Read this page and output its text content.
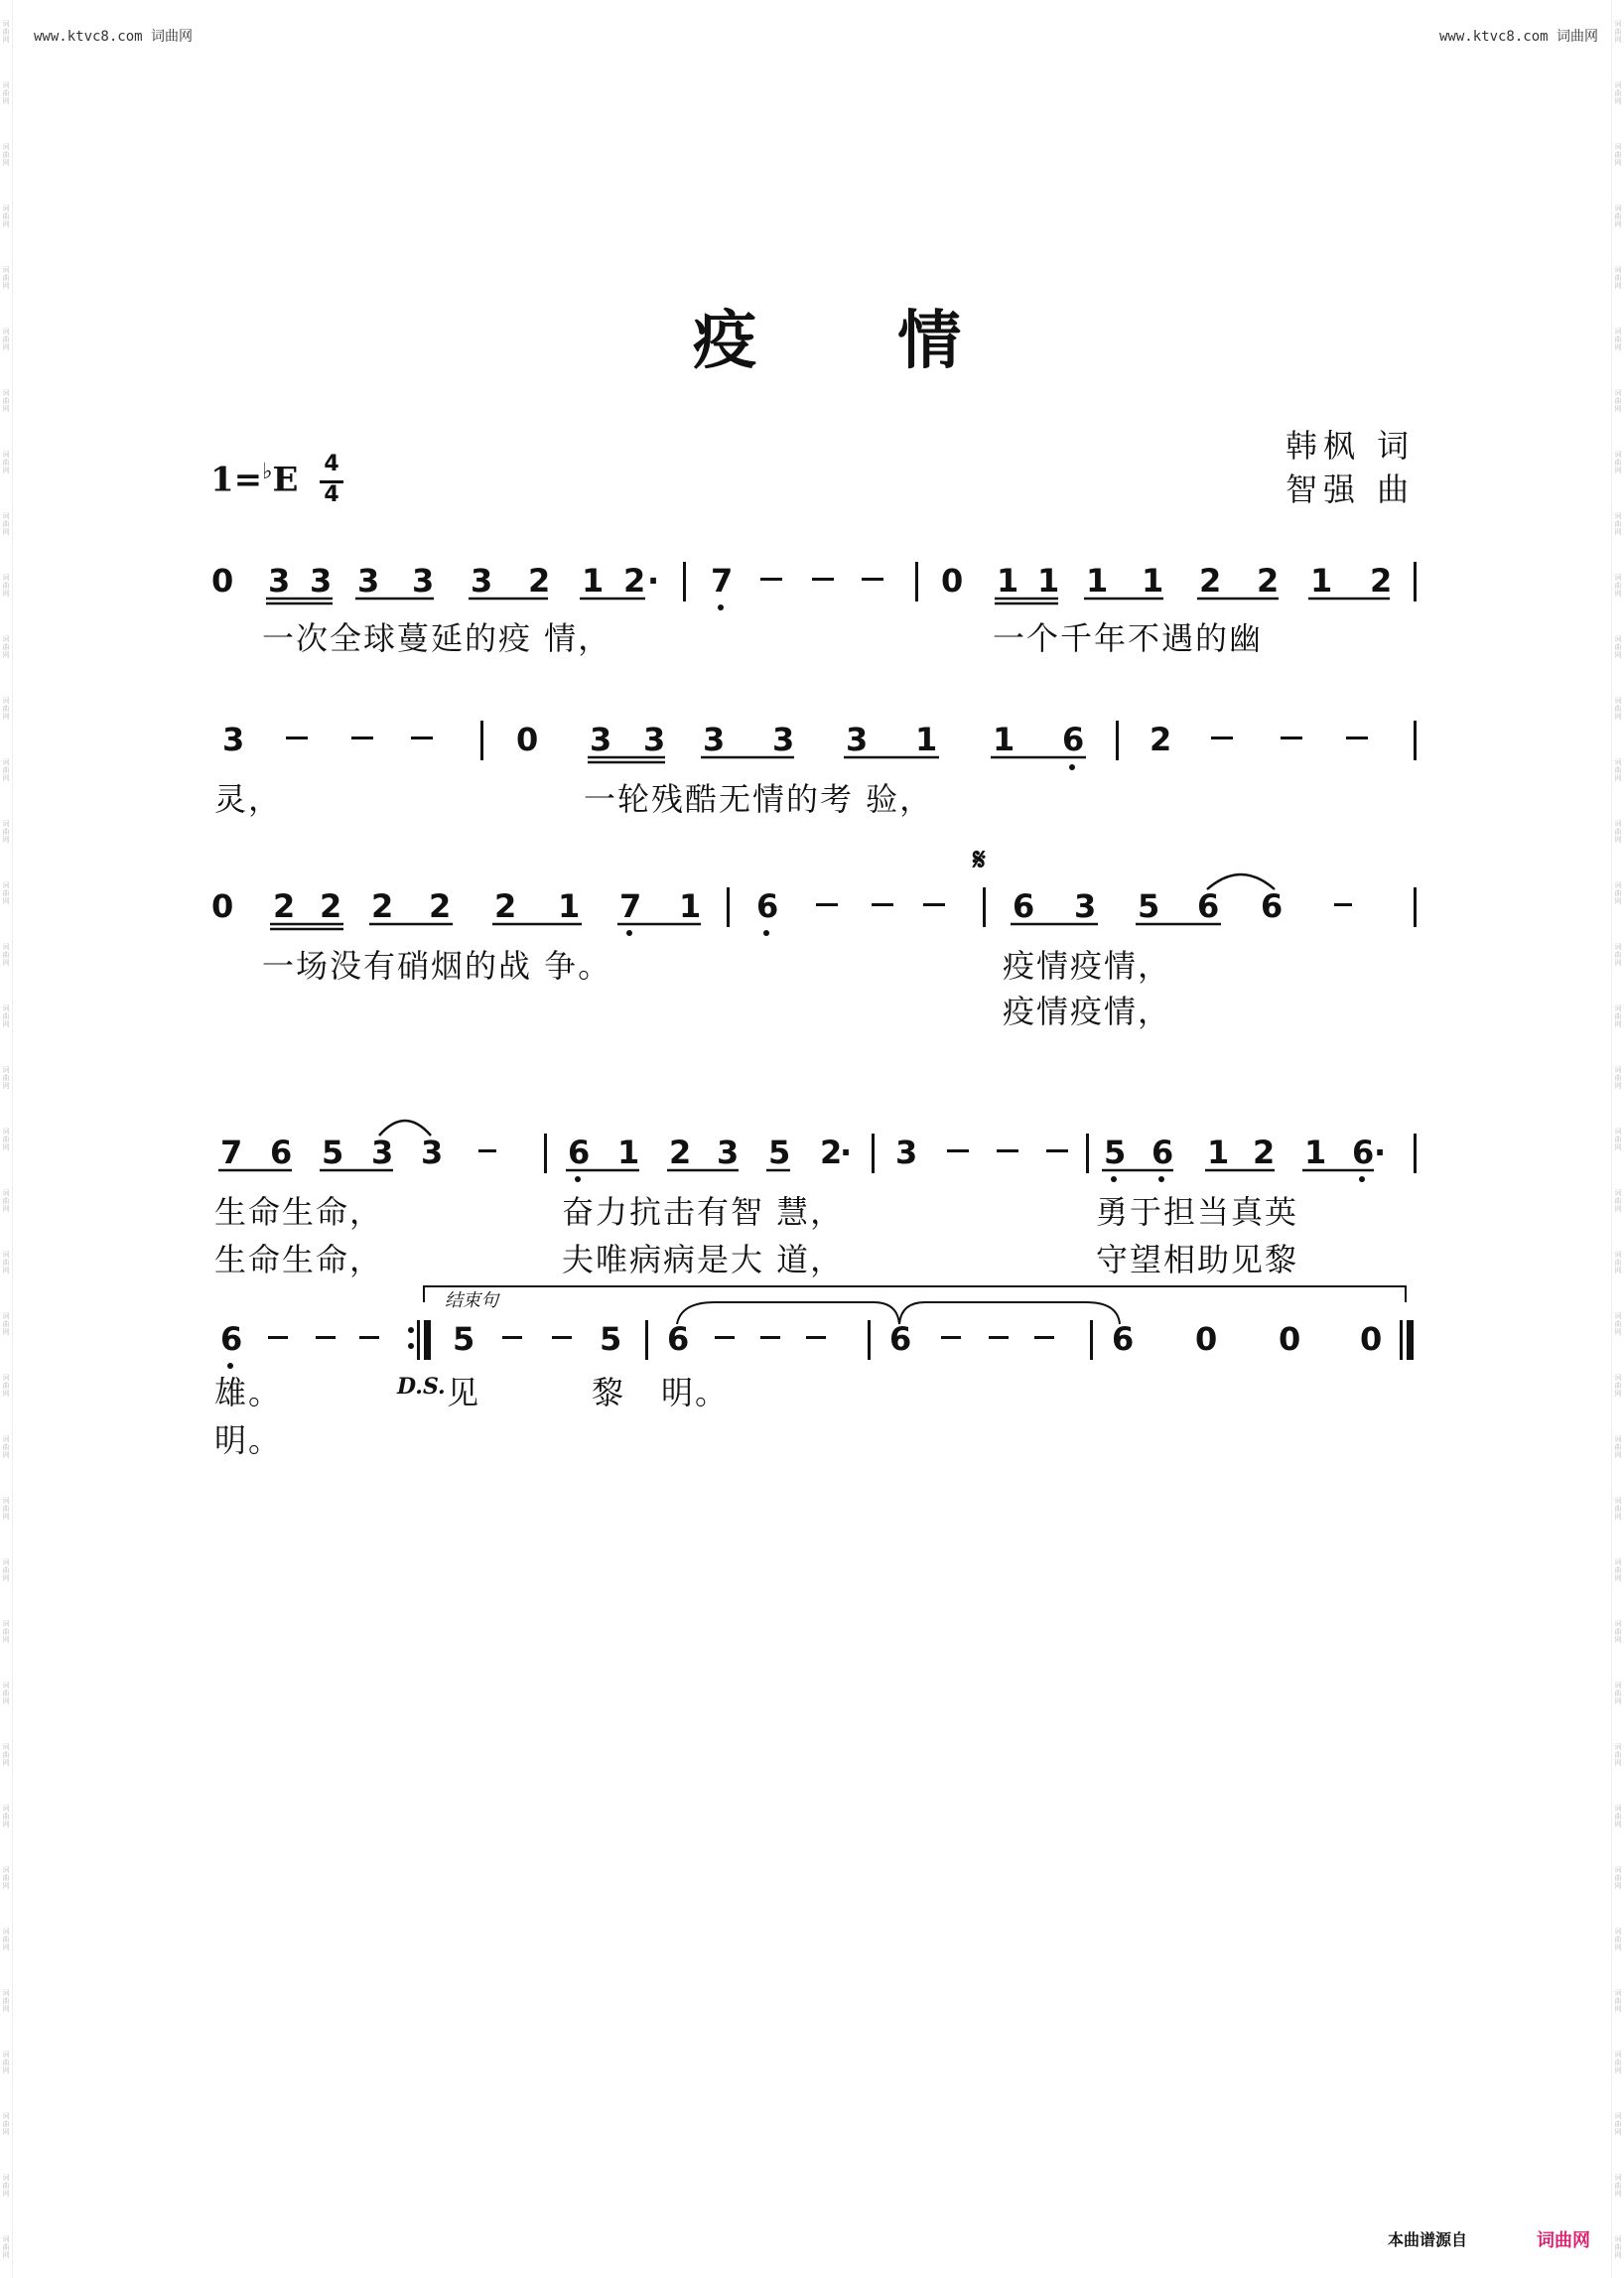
词
曲
网
词
曲
网
词
曲
网
词
曲
网
词
曲
网
词
曲
网
词
曲
网
词
曲
网
词
曲
网
词
曲
网
词
曲
网
词
曲
网
词
曲
网
词
曲
网
词
曲
网
词
曲
网
词
曲
网
词
曲
网
词
曲
网
词
曲
网
词
曲
网
词
曲
网
词
曲
网
词
曲
网
词
曲
网
词
曲
网
词
曲
网
词
曲
网
词
曲
网
词
曲
网
词
曲
网
词
曲
网
词
曲
网
词
曲
网
词
曲
网
词
曲
网
词
曲
网
词
曲
网
词
曲
网
词
曲
网
词
曲
网
词
曲
网
词
曲
网
词
曲
网
词
曲
网
词
曲
网
词
曲
网
词
曲
网
词
曲
网
词
曲
网
词
曲
网
词
曲
网
词
曲
网
词
曲
网
词
曲
网
词
曲
网
词
曲
网
词
曲
网
词
曲
网
词
曲
网
词
曲
网
词
曲
网
词
曲
网
词
曲
网
词
曲
网
词
曲
网
词
曲
网
词
曲
网
词
曲
网
词
曲
网
词
曲
网
词
曲
网
词
曲
网
词
曲
网
www.ktvc8.com 词曲网	www.ktvc8.com 词曲网
疫 情
韩枫 词
智强 曲
1=♭E 4
4
0 3 3 3 3 3 2 1 2 · 7	0 1 1 1 1 2 2 1 2
3	0 3 3 3 3 3 1 1 6 2
𝄋
0 2 2 2 2 2 1 7 1 6	6 3 5 6 6
7 6 5 3 3	6 1 2 3 5 2
· 3	5 6 1 2 1 6 ·
结束句
6	5	5 6	6	6 0 0 0
D.S.
一次全球蔓延的疫 情，	一个千年不遇的幽
灵，	一轮残酷无情的考 验，
一场没有硝烟的战 争。	疫情疫情，
疫情疫情，
生命生命，	奋力抗击有智 慧，	勇于担当真英
生命生命，	夫唯病病是大 道，	守望相助见黎
雄。	见	黎 明。
明。
本曲谱源自	词曲网
